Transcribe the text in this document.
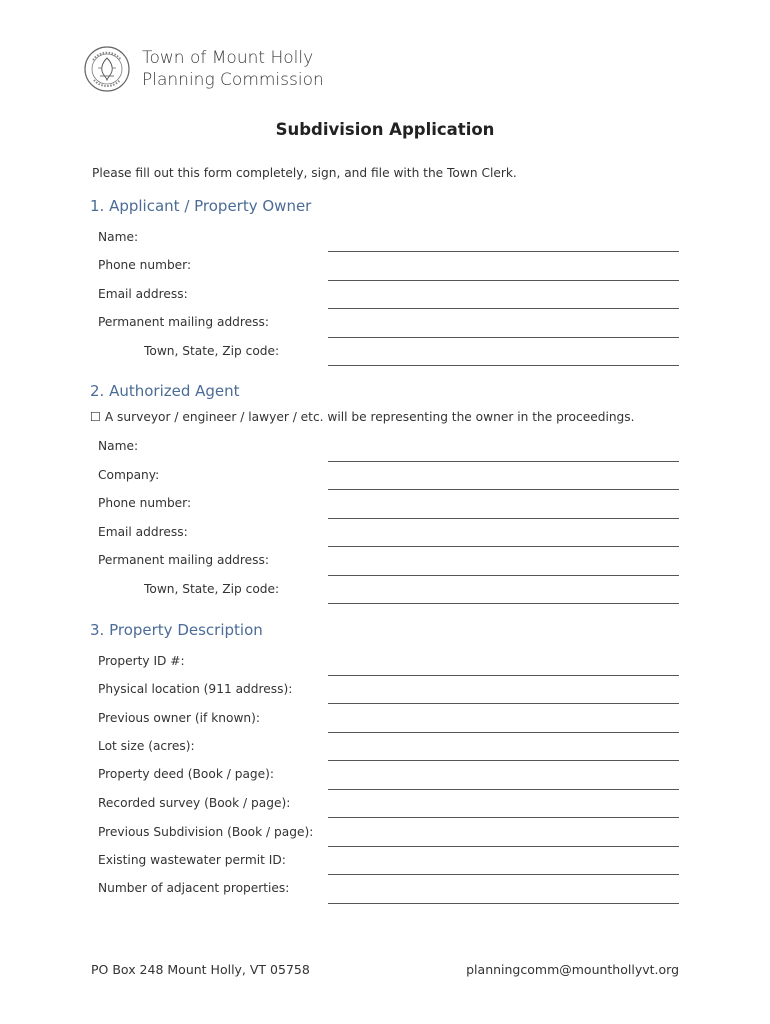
Town of Mount Holly
Planning Commission
Subdivision Application
Please fill out this form completely, sign, and file with the Town Clerk.
1. Applicant / Property Owner
Name:
Phone number:
Email address:
Permanent mailing address:
Town, State, Zip code:
2. Authorized Agent
☐ A surveyor / engineer / lawyer / etc. will be representing the owner in the proceedings.
Name:
Company:
Phone number:
Email address:
Permanent mailing address:
Town, State, Zip code:
3. Property Description
Property ID #:
Physical location (911 address):
Previous owner (if known):
Lot size (acres):
Property deed (Book / page):
Recorded survey (Book / page):
Previous Subdivision (Book / page):
Existing wastewater permit ID:
Number of adjacent properties:
PO Box 248 Mount Holly, VT 05758	planningcomm@mounthollyvt.org
